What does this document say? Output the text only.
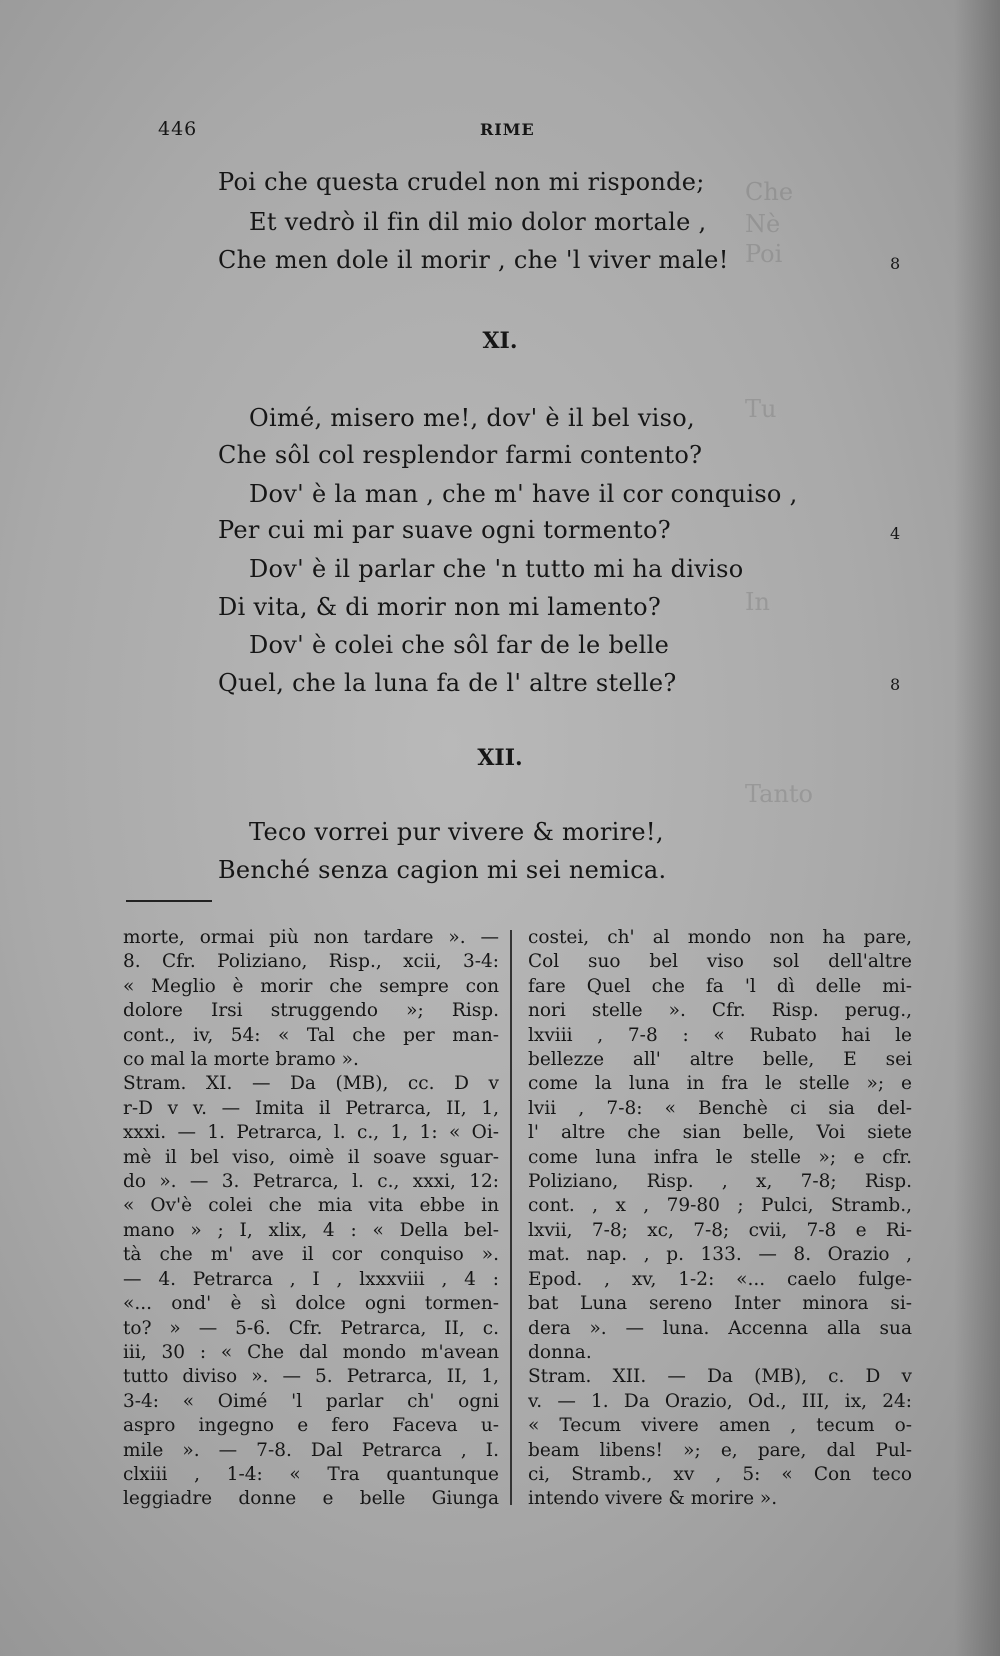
Che
Nè
Poi
Tu
In
Tanto
446	RIME
Poi che questa crudel non mi risponde;
Et vedrò il fin dil mio dolor mortale ,
Che men dole il morir , che 'l viver male!	8
XI.
Oimé, misero me!, dov' è il bel viso,
Che sôl col resplendor farmi contento?
Dov' è la man , che m' have il cor conquiso ,
Per cui mi par suave ogni tormento?	4
Dov' è il parlar che 'n tutto mi ha diviso
Di vita, & di morir non mi lamento?
Dov' è colei che sôl far de le belle
Quel, che la luna fa de l' altre stelle?	8
XII.
Teco vorrei pur vivere & morire!,
Benché senza cagion mi sei nemica.
morte, ormai più non tardare ». —
8. Cfr. Poliziano, Risp., xcii, 3-4:
« Meglio è morir che sempre con
dolore Irsi struggendo »; Risp.
cont., iv, 54: « Tal che per man-
co mal la morte bramo ».
Stram. XI. — Da (MB), cc. D v
r-D v v. — Imita il Petrarca, II, 1,
xxxi. — 1. Petrarca, l. c., 1, 1: « Oi-
mè il bel viso, oimè il soave sguar-
do ». — 3. Petrarca, l. c., xxxi, 12:
« Ov'è colei che mia vita ebbe in
mano » ; I, xlix, 4 : « Della bel-
tà che m' ave il cor conquiso ».
— 4. Petrarca , I , lxxxviii , 4 :
«... ond' è sì dolce ogni tormen-
to? » — 5-6. Cfr. Petrarca, II, c.
iii, 30 : « Che dal mondo m'avean
tutto diviso ». — 5. Petrarca, II, 1,
3-4: « Oimé 'l parlar ch' ogni
aspro ingegno e fero Faceva u-
mile ». — 7-8. Dal Petrarca , I.
clxiii , 1-4: « Tra quantunque
leggiadre donne e belle Giunga
costei, ch' al mondo non ha pare,
Col suo bel viso sol dell'altre
fare Quel che fa 'l dì delle mi-
nori stelle ». Cfr. Risp. perug.,
lxviii , 7-8 : « Rubato hai le
bellezze all' altre belle, E sei
come la luna in fra le stelle »; e
lvii , 7-8: « Benchè ci sia del-
l' altre che sian belle, Voi siete
come luna infra le stelle »; e cfr.
Poliziano, Risp. , x, 7-8; Risp.
cont. , x , 79-80 ; Pulci, Stramb.,
lxvii, 7-8; xc, 7-8; cvii, 7-8 e Ri-
mat. nap. , p. 133. — 8. Orazio ,
Epod. , xv, 1-2: «... caelo fulge-
bat Luna sereno Inter minora si-
dera ». — luna. Accenna alla sua
donna.
Stram. XII. — Da (MB), c. D v
v. — 1. Da Orazio, Od., III, ix, 24:
« Tecum vivere amen , tecum o-
beam libens! »; e, pare, dal Pul-
ci, Stramb., xv , 5: « Con teco
intendo vivere & morire ».
